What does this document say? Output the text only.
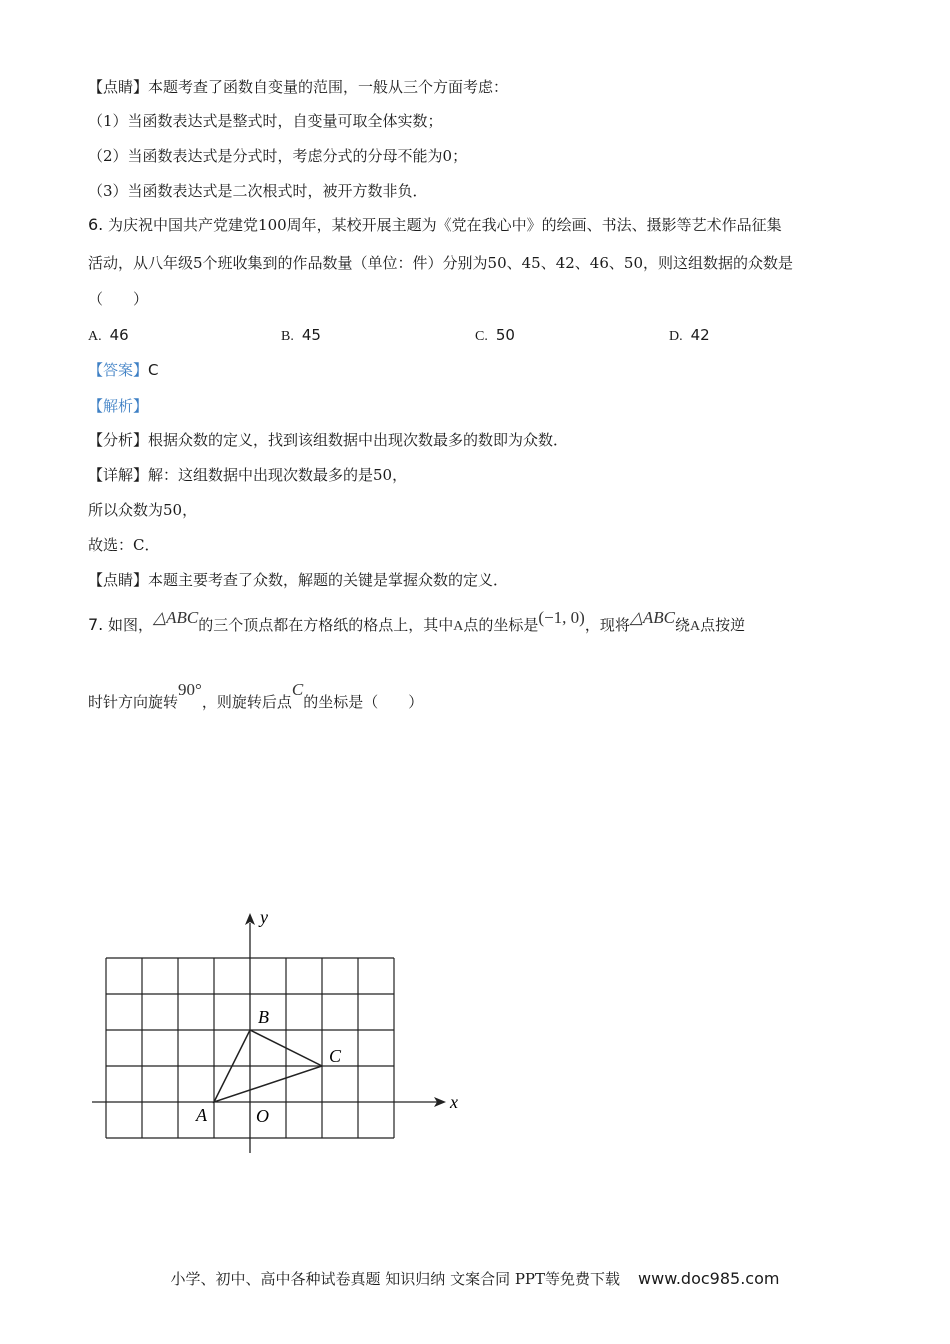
【点睛】本题考查了函数自变量的范围，一般从三个方面考虑：
（1）当函数表达式是整式时，自变量可取全体实数；
（2）当函数表达式是分式时，考虑分式的分母不能为0；
（3）当函数表达式是二次根式时，被开方数非负．
6. 为庆祝中国共产党建党100周年，某校开展主题为《党在我心中》的绘画、书法、摄影等艺术作品征集
活动，从八年级5个班收集到的作品数量（单位：件）分别为50、45、42、46、50，则这组数据的众数是
（　　）
A. 46	B. 45	C. 50	D. 42
【答案】C
【解析】
【分析】根据众数的定义，找到该组数据中出现次数最多的数即为众数．
【详解】解：这组数据中出现次数最多的是50，
所以众数为50，
故选：C．
【点睛】本题主要考查了众数，解题的关键是掌握众数的定义．
7. 如图，△ABC的三个顶点都在方格纸的格点上，其中A点的坐标是(−1, 0)，现将△ABC绕A点按逆
时针方向旋转90°，则旋转后点C的坐标是（　　）
x
y
O
A
B
C
小学、初中、高中各种试卷真题 知识归纳 文案合同 PPT等免费下载 www.doc985.com
